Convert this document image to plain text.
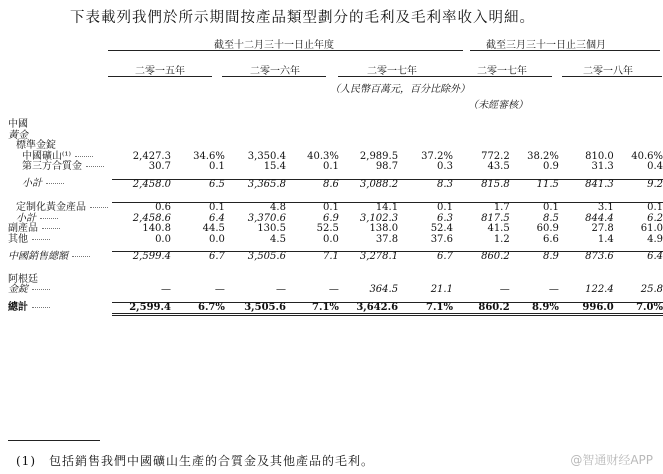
下表載列我們於所示期間按產品類型劃分的毛利及毛利率收入明細。
截至十二月三十一日止年度	截至三月三十一日止三個月
二零一五年	二零一六年	二零一七年	二零一七年	二零一八年
（人民幣百萬元，百分比除外）
（未經審核）
中國										
黃金										
標準金錠										
中國礦山⁽¹⁾	2,427.3	34.6%	3,350.4	40.3%	2,989.5	37.2%	772.2	38.2%	810.0	40.6%
第三方合質金	30.7	0.1	15.4	0.1	98.7	0.3	43.5	0.9	31.3	0.4

小計	2,458.0	6.5	3,365.8	8.6	3,088.2	8.3	815.8	11.5	841.3	9.2

定制化黃金產品	0.6	0.1	4.8	0.1	14.1	0.1	1.7	0.1	3.1	0.1
小計	2,458.6	6.4	3,370.6	6.9	3,102.3	6.3	817.5	8.5	844.4	6.2
副產品	140.8	44.5	130.5	52.5	138.0	52.4	41.5	60.9	27.8	61.0
其他	0.0	0.0	4.5	0.0	37.8	37.6	1.2	6.6	1.4	4.9

中國銷售總額	2,599.4	6.7	3,505.6	7.1	3,278.1	6.7	860.2	8.9	873.6	6.4

阿根廷										
金錠	—	—	—	—	364.5	21.1	—	—	122.4	25.8

總計	2,599.4	6.7%	3,505.6	7.1%	3,642.6	7.1%	860.2	8.9%	996.0	7.0%
(1)　包括銷售我們中國礦山生產的合質金及其他產品的毛利。	@智通财经APP
